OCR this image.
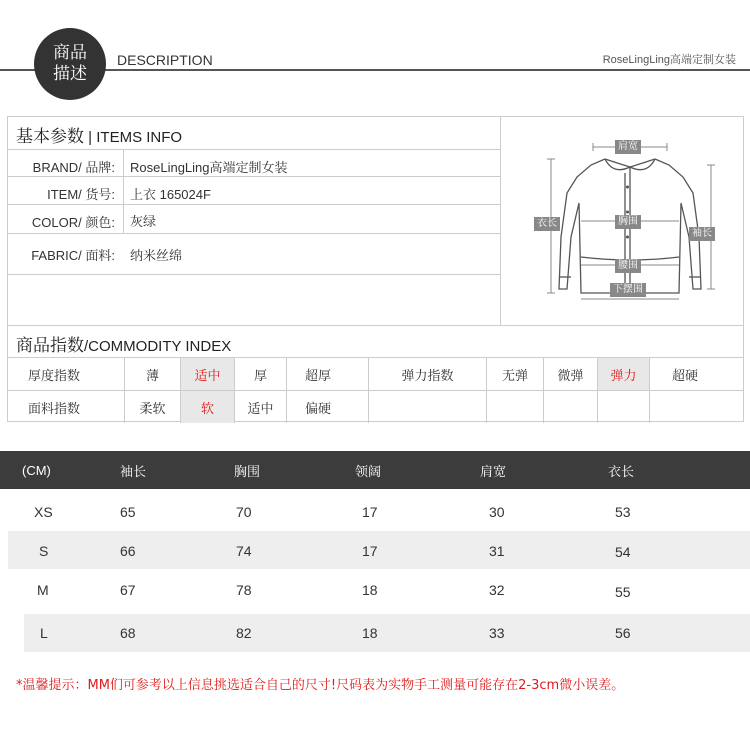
商品
描述
DESCRIPTION	RoseLingLing高端定制女装
基本参数 | ITEMS INFO
BRAND/ 品牌: RoseLingLing高端定制女装
ITEM/ 货号: 上衣 165024F
COLOR/ 颜色: 灰绿
FABRIC/ 面料: 纳米丝绵
商品指数/COMMODITY INDEX
厚度指数	薄	适中	厚	超厚	弹力指数	无弹	微弹	弹力	超硬
面料指数	柔软	软	适中	偏硬
肩宽
胸围
腰围
下摆围
衣长
袖长
(CM)	袖长	胸围	领阔	肩宽	衣长
XS	65	70	17	30	53
S	66	74	17	31	54
M	67	78	18	32	55
L	68	82	18	33	56
*温馨提示：MM们可参考以上信息挑选适合自己的尺寸!尺码表为实物手工测量可能存在2-3cm微小误差。
